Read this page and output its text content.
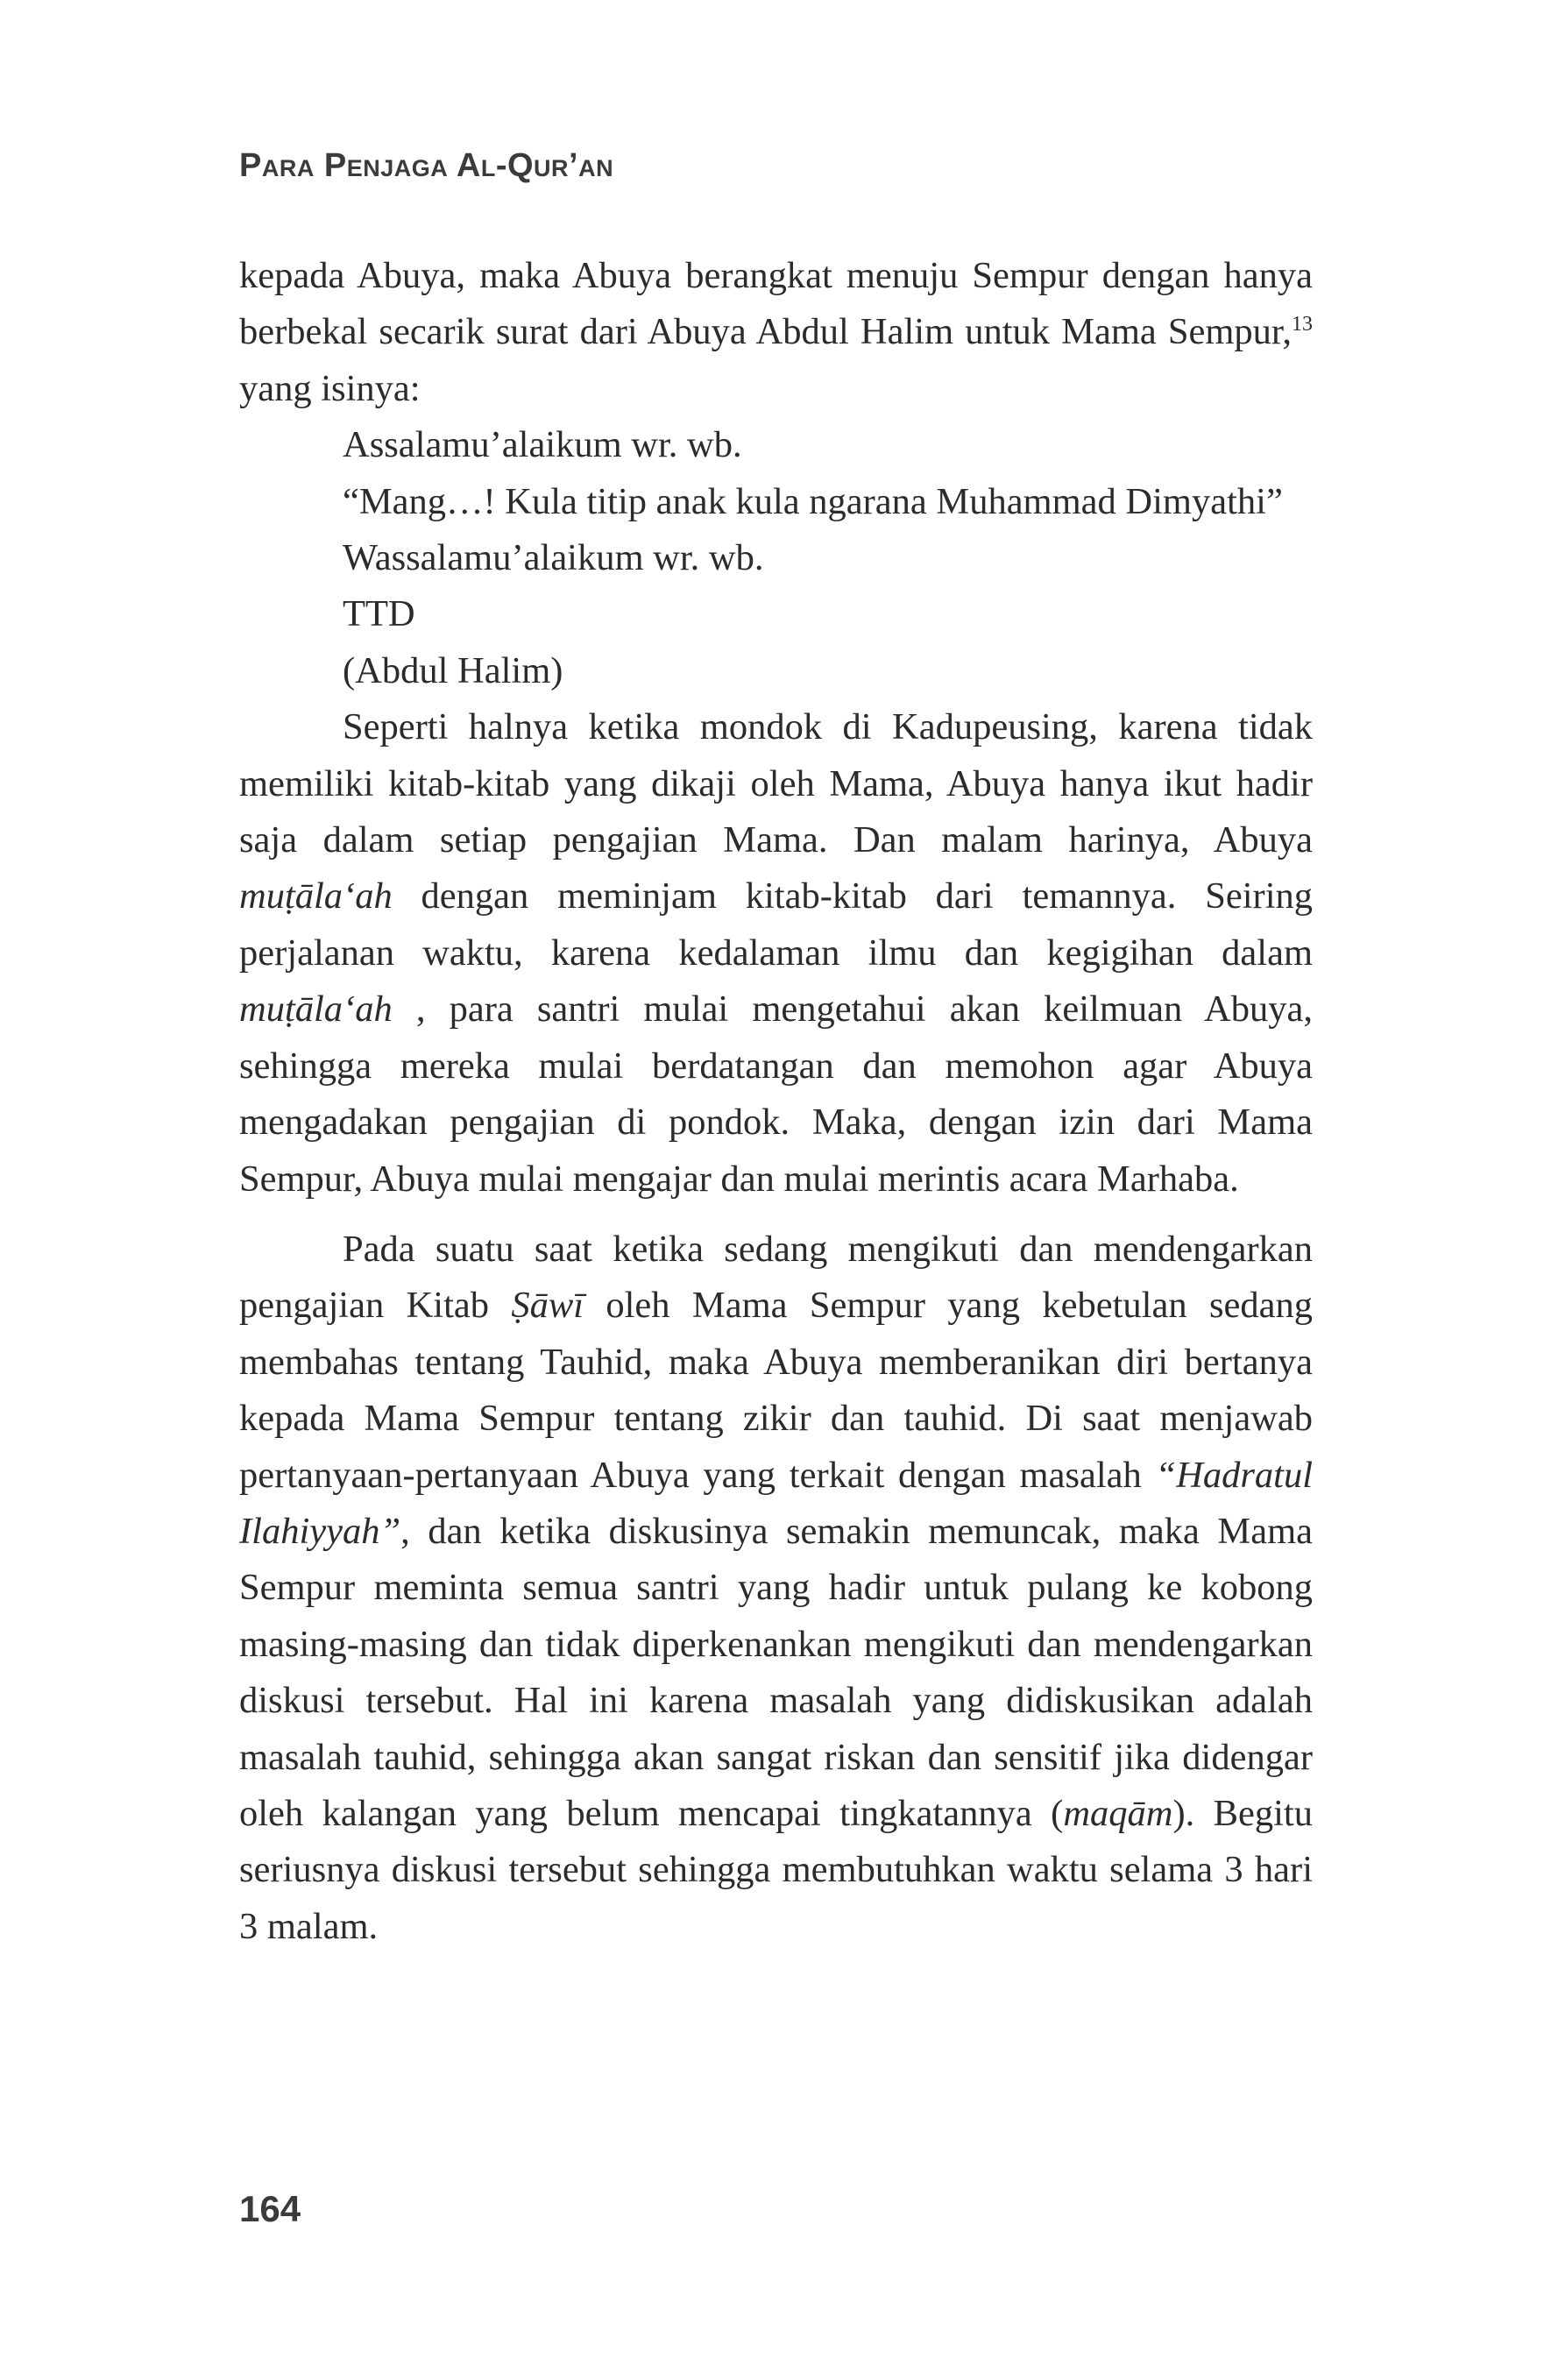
Para Penjaga Al-Qur’an

kepada Abuya, maka Abuya berangkat menuju Sempur dengan hanya berbekal secarik surat dari Abuya Abdul Halim untuk Mama Sempur,$^{13}$ yang isinya:

Assalamu’alaikum wr. wb.

“Mang…! Kula titip anak kula ngarana Muhammad Dimyathi”

Wassalamu’alaikum wr. wb.

TTD

(Abdul Halim)

Seperti halnya ketika mondok di Kadupeusing, karena tidak memiliki kitab-kitab yang dikaji oleh Mama, Abuya hanya ikut hadir saja dalam setiap pengajian Mama. Dan malam harinya, Abuya muṭāla‘ah dengan meminjam kitab-kitab dari temannya. Seiring perjalanan waktu, karena kedalaman ilmu dan kegigihan dalam muṭāla‘ah , para santri mulai mengetahui akan keilmuan Abuya, sehingga mereka mulai berdatangan dan memohon agar Abuya mengadakan pengajian di pondok. Maka, dengan izin dari Mama Sempur, Abuya mulai mengajar dan mulai merintis acara Marhaba.

Pada suatu saat ketika sedang mengikuti dan mendengarkan pengajian Kitab Ṣāwī oleh Mama Sempur yang kebetulan sedang membahas tentang Tauhid, maka Abuya memberanikan diri bertanya kepada Mama Sempur tentang zikir dan tauhid. Di saat menjawab pertanyaan-pertanyaan Abuya yang terkait dengan masalah “Hadratul Ilahiyyah”, dan ketika diskusinya semakin memuncak, maka Mama Sempur meminta semua santri yang hadir untuk pulang ke kobong masing-masing dan tidak diperkenankan mengikuti dan mendengarkan diskusi tersebut. Hal ini karena masalah yang didiskusikan adalah masalah tauhid, sehingga akan sangat riskan dan sensitif jika didengar oleh kalangan yang belum mencapai tingkatannya (maqām). Begitu seriusnya diskusi tersebut sehingga membutuhkan waktu selama 3 hari 3 malam.

164
